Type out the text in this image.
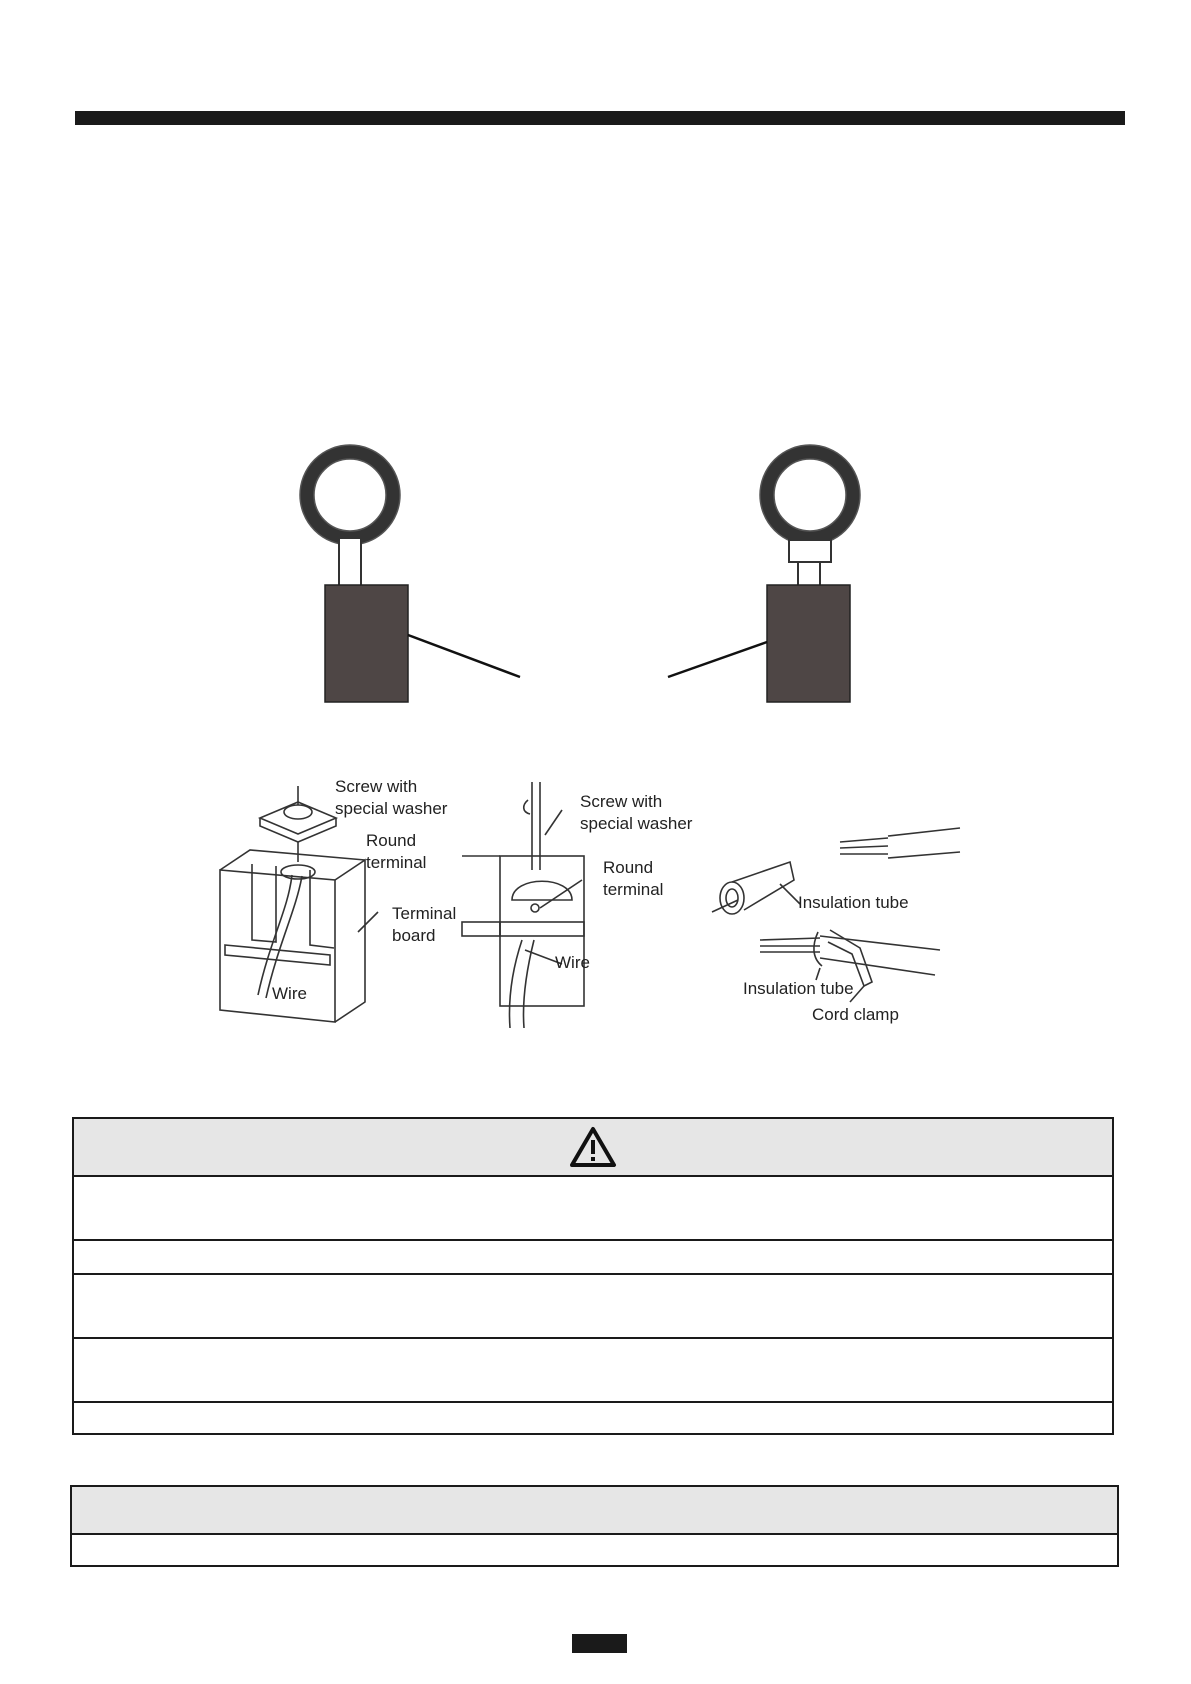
Screw with
special washer
Round
terminal
Terminal
board
Wire
Screw with
special washer
Round
terminal
Wire
Insulation tube
Insulation tube
Cord clamp
